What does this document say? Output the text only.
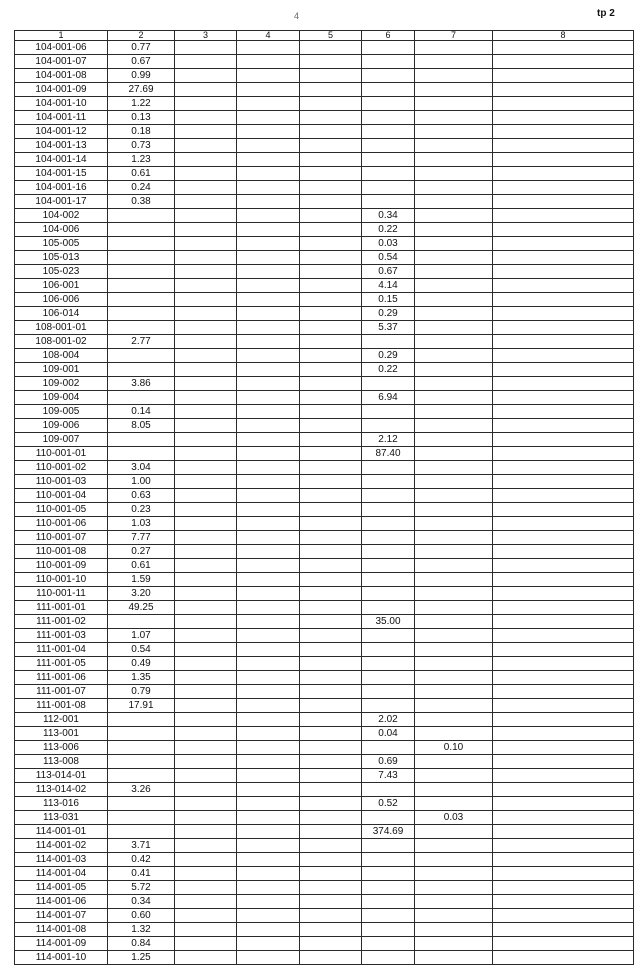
4	tp 2
1	2	3	4	5	6	7	8
104-001-06	0.77						
104-001-07	0.67						
104-001-08	0.99						
104-001-09	27.69						
104-001-10	1.22						
104-001-11	0.13						
104-001-12	0.18						
104-001-13	0.73						
104-001-14	1.23						
104-001-15	0.61						
104-001-16	0.24						
104-001-17	0.38						
104-002					0.34		
104-006					0.22		
105-005					0.03		
105-013					0.54		
105-023					0.67		
106-001					4.14		
106-006					0.15		
106-014					0.29		
108-001-01					5.37		
108-001-02	2.77						
108-004					0.29		
109-001					0.22		
109-002	3.86						
109-004					6.94		
109-005	0.14						
109-006	8.05						
109-007					2.12		
110-001-01					87.40		
110-001-02	3.04						
110-001-03	1.00						
110-001-04	0.63						
110-001-05	0.23						
110-001-06	1.03						
110-001-07	7.77						
110-001-08	0.27						
110-001-09	0.61						
110-001-10	1.59						
110-001-11	3.20						
111-001-01	49.25						
111-001-02					35.00		
111-001-03	1.07						
111-001-04	0.54						
111-001-05	0.49						
111-001-06	1.35						
111-001-07	0.79						
111-001-08	17.91						
112-001					2.02		
113-001					0.04		
113-006						0.10	
113-008					0.69		
113-014-01					7.43		
113-014-02	3.26						
113-016					0.52		
113-031						0.03	
114-001-01					374.69		
114-001-02	3.71						
114-001-03	0.42						
114-001-04	0.41						
114-001-05	5.72						
114-001-06	0.34						
114-001-07	0.60						
114-001-08	1.32						
114-001-09	0.84						
114-001-10	1.25						
